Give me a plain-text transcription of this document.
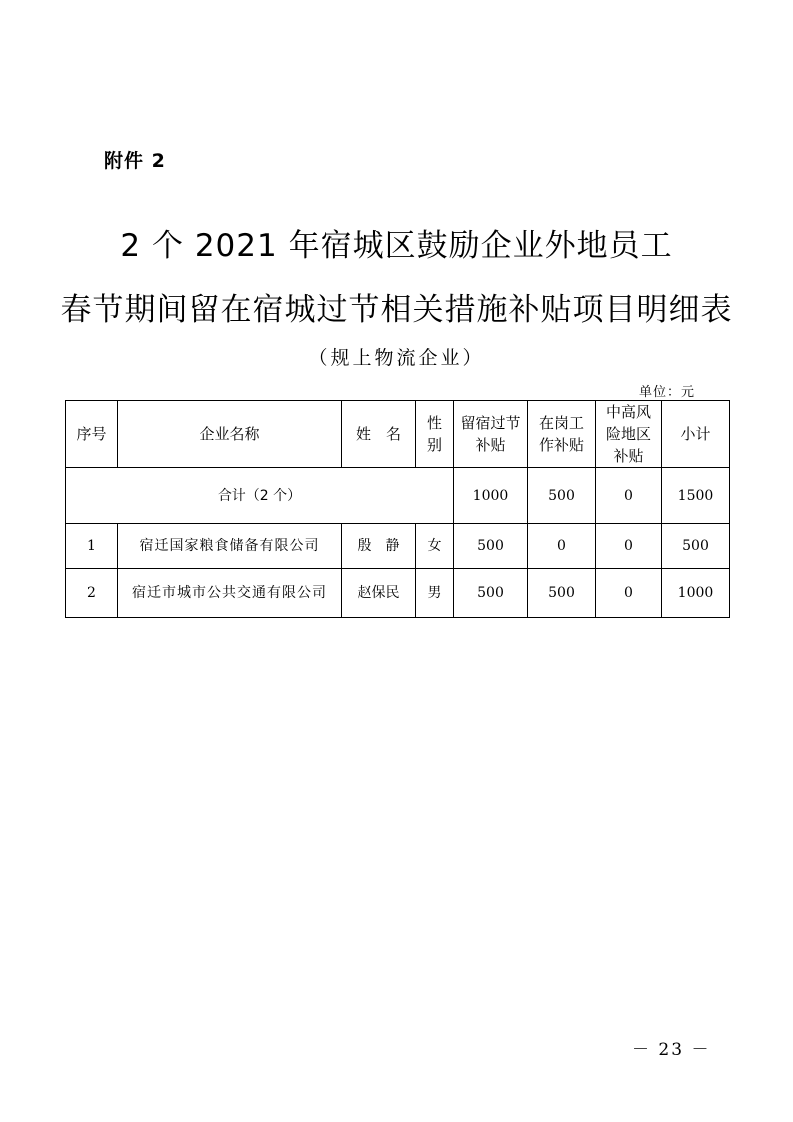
附件 2
2 个 2021 年宿城区鼓励企业外地员工
春节期间留在宿城过节相关措施补贴项目明细表
（规上物流企业）
单位：元
序号	企业名称	姓　名	性别	留宿过节补贴	在岗工作补贴	中高风险地区补贴	小计
合计（2 个）				1000	500	0	1500
1	宿迁国家粮食储备有限公司	殷　静	女	500	0	0	500
2	宿迁市城市公共交通有限公司	赵保民	男	500	500	0	1000
－ 23 －
